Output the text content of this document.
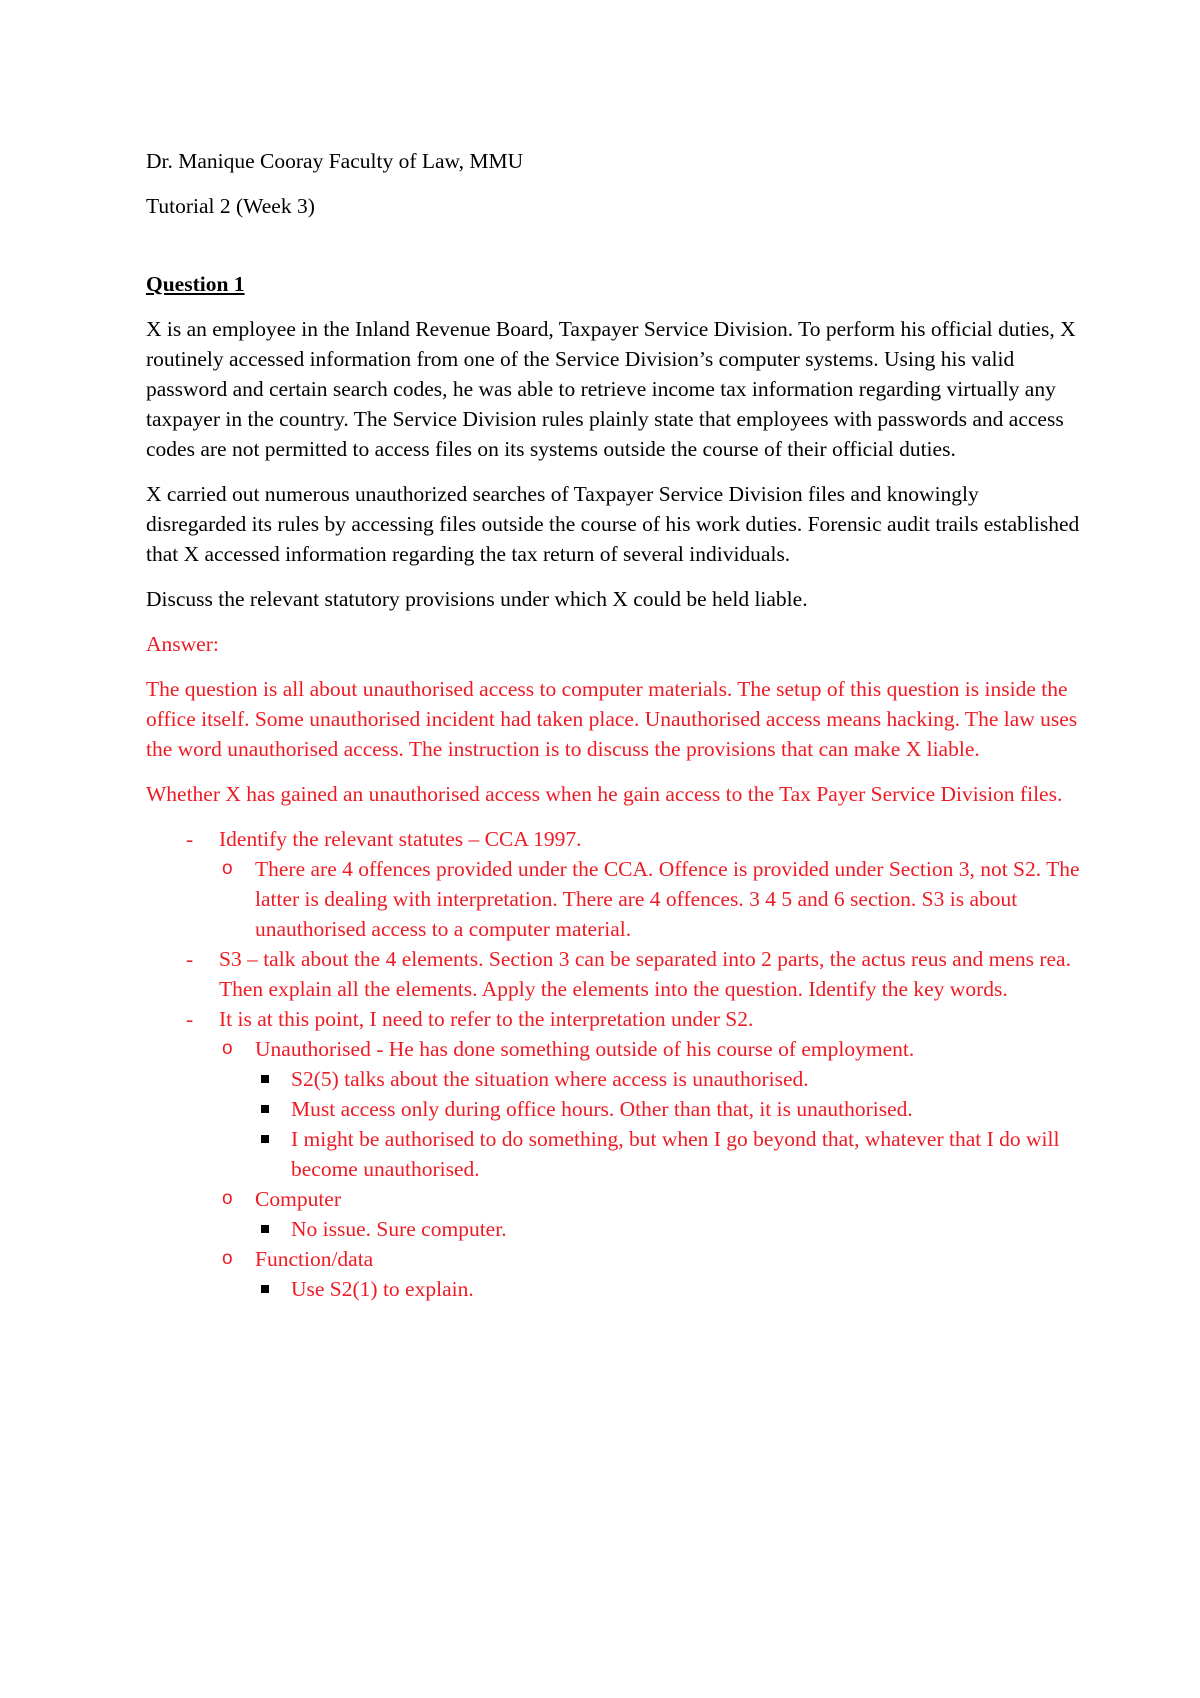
Dr. Manique Cooray Faculty of Law, MMU

Tutorial 2 (Week 3)

Question 1

X is an employee in the Inland Revenue Board, Taxpayer Service Division. To perform his official duties, X routinely accessed information from one of the Service Division’s computer systems. Using his valid password and certain search codes, he was able to retrieve income tax information regarding virtually any taxpayer in the country. The Service Division rules plainly state that employees with passwords and access codes are not permitted to access files on its systems outside the course of their official duties.

X carried out numerous unauthorized searches of Taxpayer Service Division files and knowingly disregarded its rules by accessing files outside the course of his work duties. Forensic audit trails established that X accessed information regarding the tax return of several individuals.

Discuss the relevant statutory provisions under which X could be held liable.

Answer:

The question is all about unauthorised access to computer materials. The setup of this question is inside the office itself. Some unauthorised incident had taken place. Unauthorised access means hacking. The law uses the word unauthorised access. The instruction is to discuss the provisions that can make X liable.

Whether X has gained an unauthorised access when he gain access to the Tax Payer Service Division files.

- Identify the relevant statutes – CCA 1997.
o There are 4 offences provided under the CCA. Offence is provided under Section 3, not S2. The latter is dealing with interpretation. There are 4 offences. 3 4 5 and 6 section. S3 is about unauthorised access to a computer material.
- S3 – talk about the 4 elements. Section 3 can be separated into 2 parts, the actus reus and mens rea. Then explain all the elements. Apply the elements into the question. Identify the key words.
- It is at this point, I need to refer to the interpretation under S2.
o Unauthorised - He has done something outside of his course of employment.
S2(5) talks about the situation where access is unauthorised.
Must access only during office hours. Other than that, it is unauthorised.
I might be authorised to do something, but when I go beyond that, whatever that I do will become unauthorised.
o Computer
No issue. Sure computer.
o Function/data
Use S2(1) to explain.
